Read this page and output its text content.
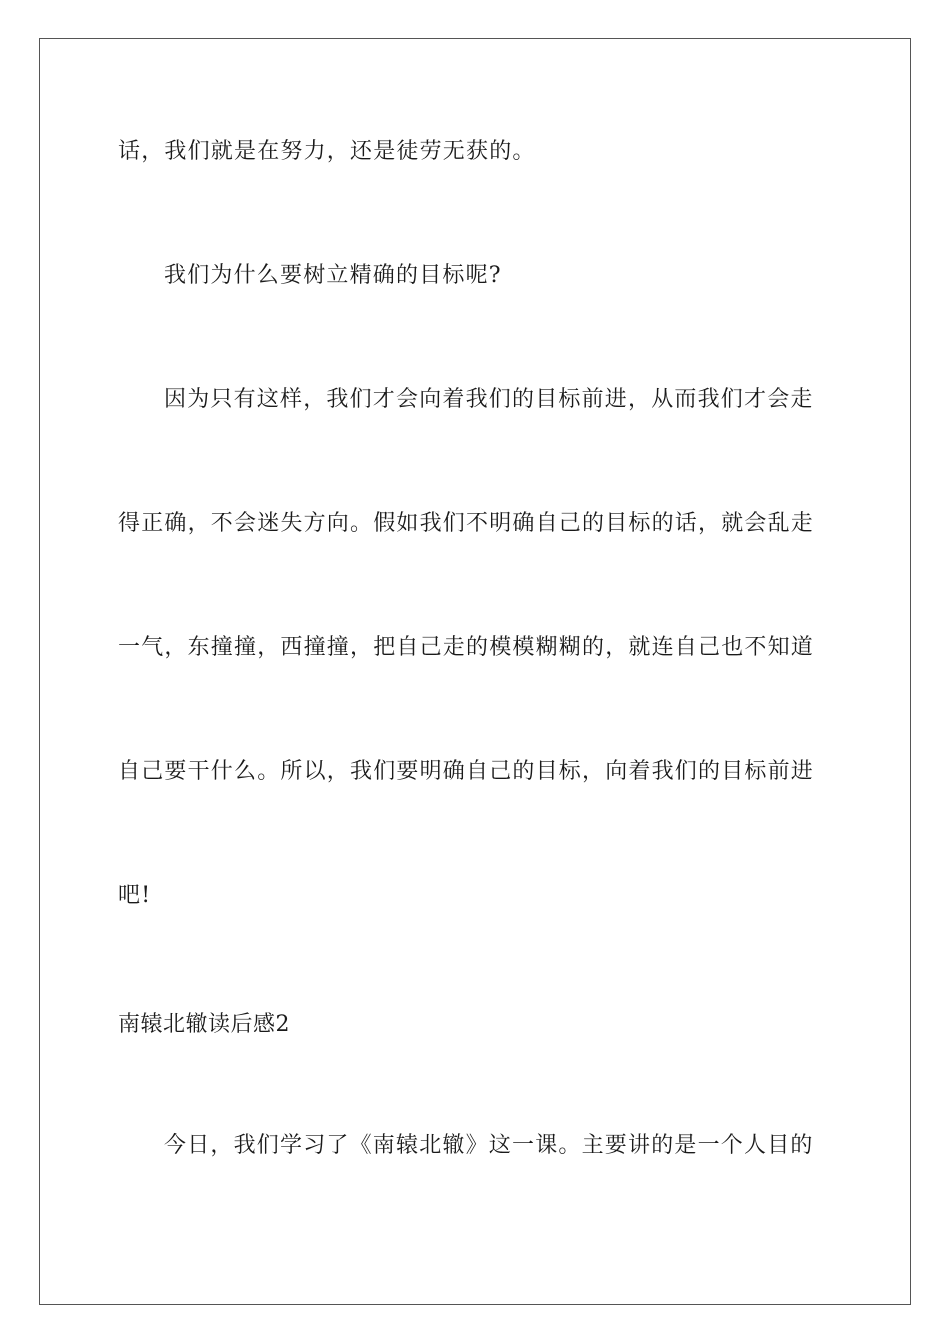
话，我们就是在努力，还是徒劳无获的。
我们为什么要树立精确的目标呢?
因为只有这样，我们才会向着我们的目标前进，从而我们才会走
得正确，不会迷失方向。假如我们不明确自己的目标的话，就会乱走
一气，东撞撞，西撞撞，把自己走的模模糊糊的，就连自己也不知道
自己要干什么。所以，我们要明确自己的目标，向着我们的目标前进
吧!
南辕北辙读后感2
今日，我们学习了《南辕北辙》这一课。主要讲的是一个人目的
